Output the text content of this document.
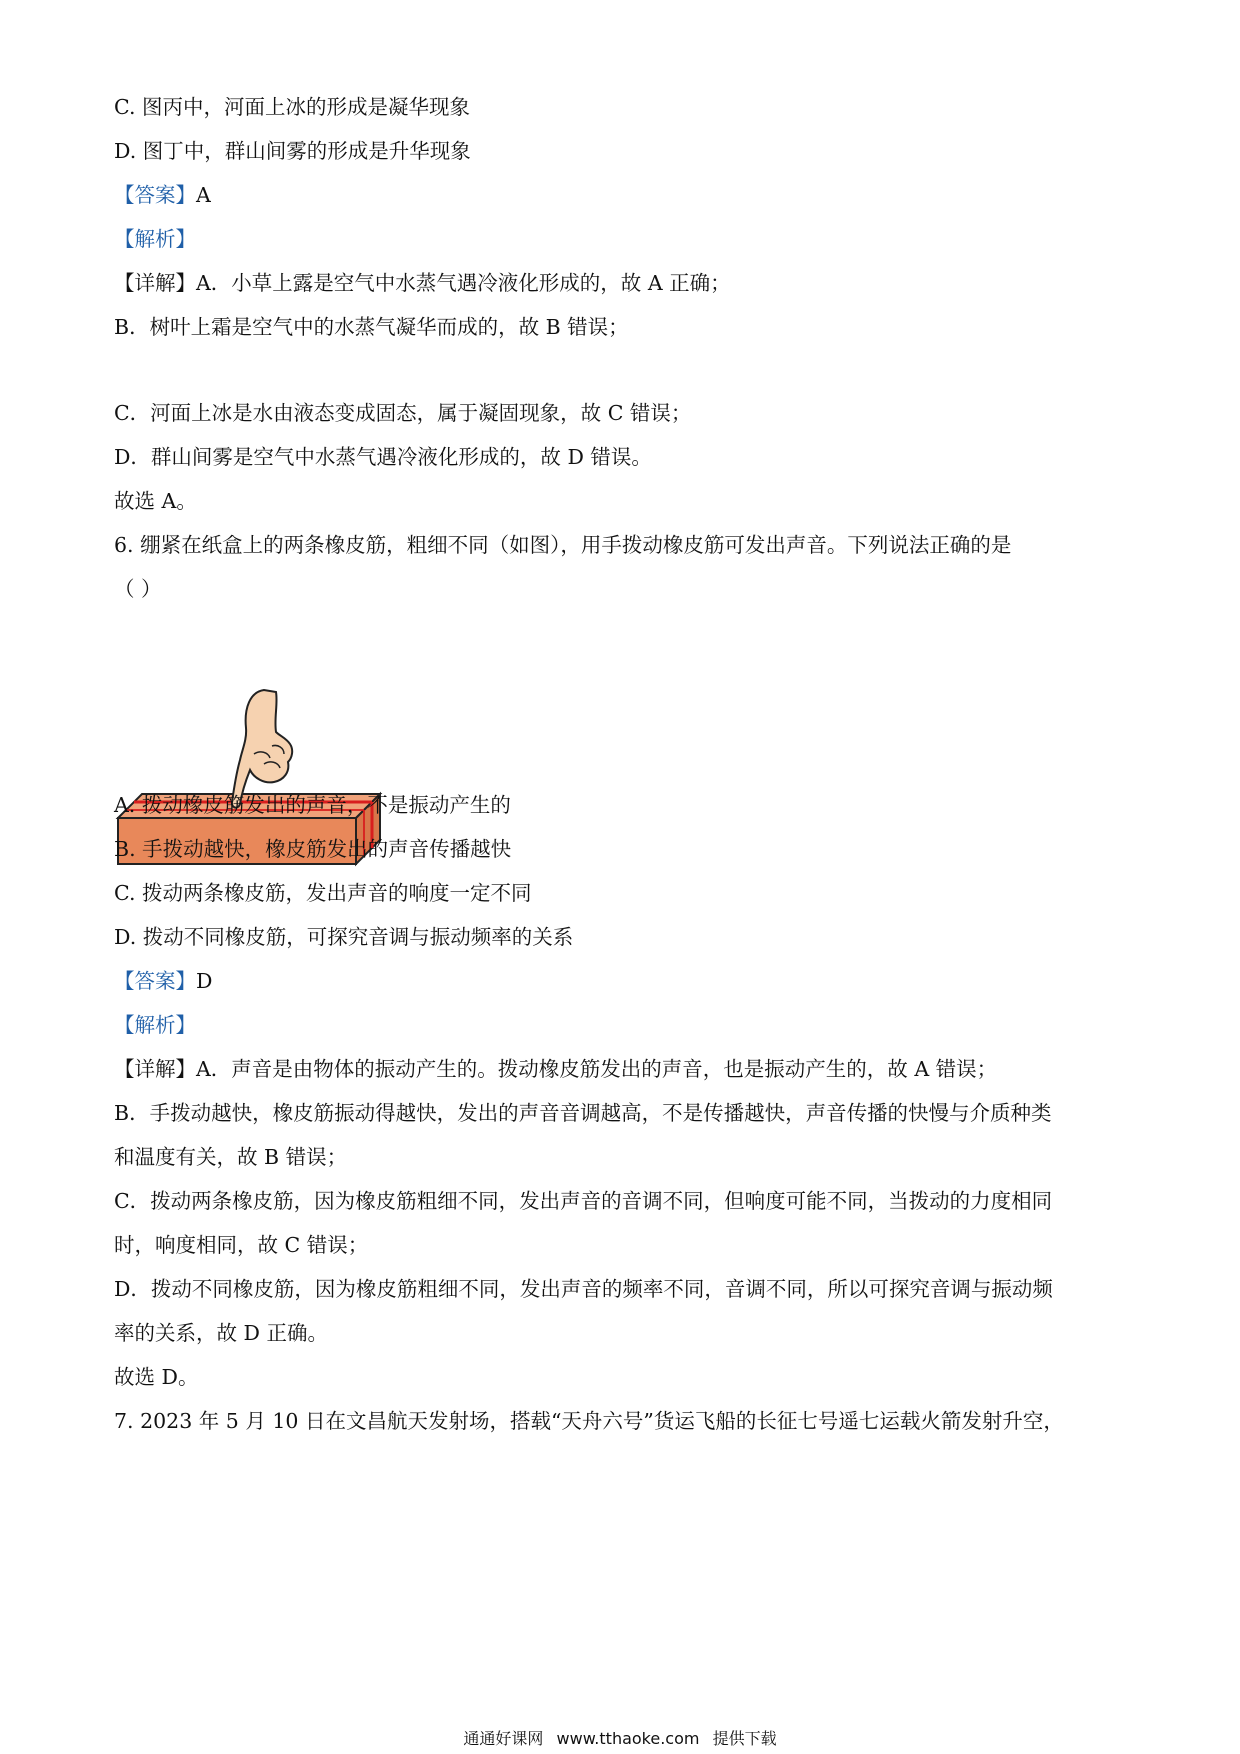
C. 图丙中，河面上冰的形成是凝华现象
D. 图丁中，群山间雾的形成是升华现象
【答案】A
【解析】
【详解】A．小草上露是空气中水蒸气遇冷液化形成的，故 A 正确；
B．树叶上霜是空气中的水蒸气凝华而成的，故 B 错误；
C．河面上冰是水由液态变成固态，属于凝固现象，故 C 错误；
D．群山间雾是空气中水蒸气遇冷液化形成的，故 D 错误。
故选 A。
6. 绷紧在纸盒上的两条橡皮筋，粗细不同（如图），用手拨动橡皮筋可发出声音。下列说法正确的是
（ ）
A. 拨动橡皮筋发出的声音，不是振动产生的
B. 手拨动越快，橡皮筋发出的声音传播越快
C. 拨动两条橡皮筋，发出声音的响度一定不同
D. 拨动不同橡皮筋，可探究音调与振动频率的关系
【答案】D
【解析】
【详解】A．声音是由物体的振动产生的。拨动橡皮筋发出的声音，也是振动产生的，故 A 错误；
B．手拨动越快，橡皮筋振动得越快，发出的声音音调越高，不是传播越快，声音传播的快慢与介质种类
和温度有关，故 B 错误；
C．拨动两条橡皮筋，因为橡皮筋粗细不同，发出声音的音调不同，但响度可能不同，当拨动的力度相同
时，响度相同，故 C 错误；
D．拨动不同橡皮筋，因为橡皮筋粗细不同，发出声音的频率不同，音调不同，所以可探究音调与振动频
率的关系，故 D 正确。
故选 D。
7. 2023 年 5 月 10 日在文昌航天发射场，搭载“天舟六号”货运飞船的长征七号遥七运载火箭发射升空，
通通好课网 www.tthaoke.com 提供下载
